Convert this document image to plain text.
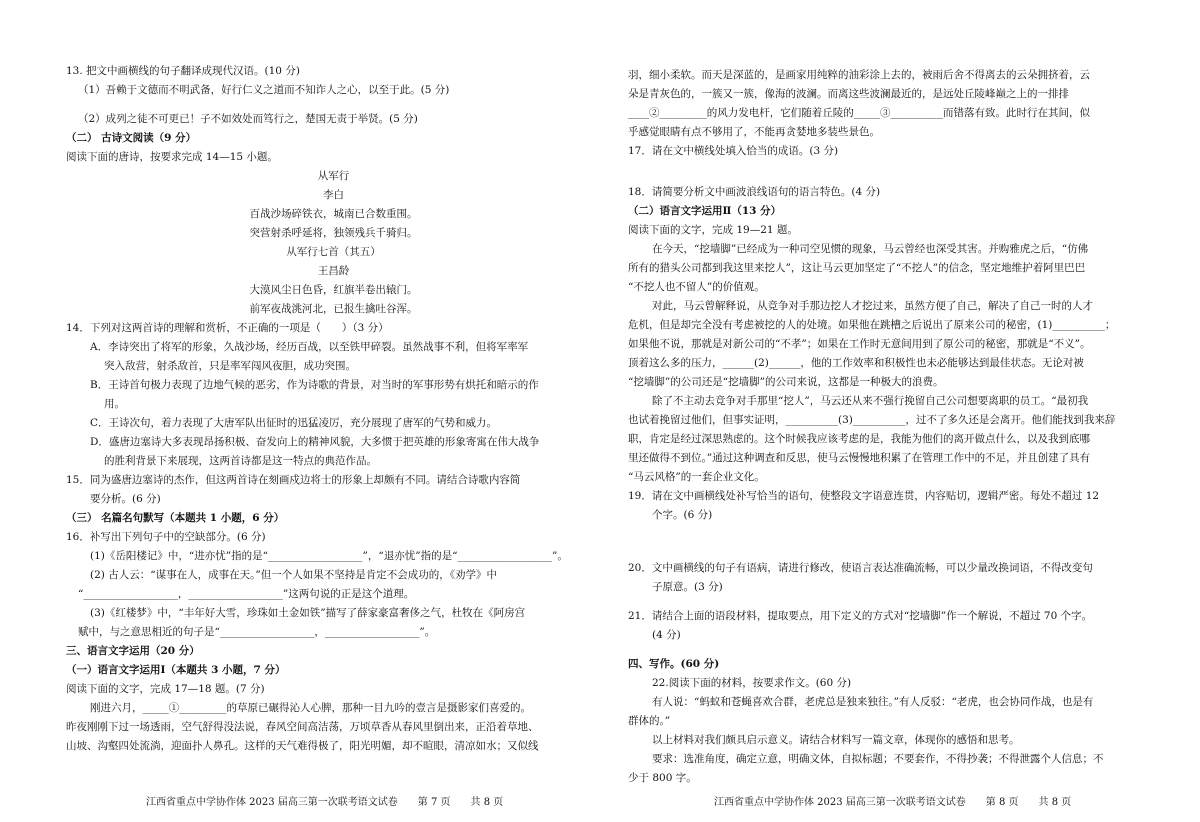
13. 把文中画横线的句子翻译成现代汉语。(10 分)
（1）吾赖于文德而不明武备，好行仁义之道而不知诈人之心，以至于此。(5 分)
（2）成列之徒不可更已！子不如效处而笃行之，楚国无责于举贤。(5 分)
（二） 古诗文阅读（9 分）
阅读下面的唐诗，按要求完成 14—15 小题。
从军行
李白
百战沙场碎铁衣，城南已合数重围。
突营射杀呼延将，独领残兵千骑归。
从军行七首（其五）
王昌龄
大漠风尘日色昏，红旗半卷出辕门。
前军夜战洮河北，已报生擒吐谷浑。
14．下列对这两首诗的理解和赏析，不正确的一项是（　　）（3 分）
A．李诗突出了将军的形象，久战沙场，经历百战，以至铁甲碎裂。虽然战事不利，但将军率军
突入敌营，射杀敌首，只是率军闯风夜胆，成功突围。
B．王诗首句极力表现了边地气候的恶劣，作为诗歌的背景，对当时的军事形势有烘托和暗示的作
用。
C．王诗次句，着力表现了大唐军队出征时的迅猛凌厉，充分展现了唐军的气势和威力。
D．盛唐边塞诗大多表现昂扬积极、奋发向上的精神风貌，大多惯于把英雄的形象寄寓在伟大战争
的胜利背景下来展现，这两首诗都是这一特点的典范作品。
15．同为盛唐边塞诗的杰作，但这两首诗在刻画戍边将士的形象上却颇有不同。请结合诗歌内容简
要分析。(6 分)
（三） 名篇名句默写（本题共 1 小题，6 分）
16．补写出下列句子中的空缺部分。(6 分)
(1)《岳阳楼记》中，“进亦忧”指的是“__________________”，“退亦忧”指的是“__________________”。
(2) 古人云：“谋事在人，成事在天。”但一个人如果不坚持是肯定不会成功的，《劝学》中
“__________________，__________________”这两句说的正是这个道理。
(3)《红楼梦》中，“丰年好大雪，珍珠如土金如铁”描写了薛家豪富奢侈之气，杜牧在《阿房宫
赋中，与之意思相近的句子是“__________________，__________________”。
三、语言文字运用（20 分）
（一）语言文字运用Ⅰ（本题共 3 小题，7 分）
阅读下面的文字，完成 17—18 题。(7 分)
刚进六月，_____①_________的草原已碾得沁人心脾，那种一目九吟的壹言是摄影家们喜爱的。
昨夜刚刚下过一场透雨，空气舒得没法说，春风空间高洁荡，万顷草香从春风里倒出来，正沿着草地、
山坡、沟壑四处流淌，迎面扑人鼻孔。这样的天气难得极了，阳光明媚，却不暄眼，清凉如水；又似线
羽，细小柔软。而天是深蓝的，是画家用纯粹的油彩涂上去的，被雨后舍不得离去的云朵拥挤着，云
朵是青灰色的，一簇又一簇，像海的波澜。而离这些波澜最近的，是远处丘陵峰巅之上的一排排
____②_________的风力发电杆，它们随着丘陵的_____③__________而错落有致。此时行在其间，似
乎感觉眼睛有点不够用了，不能再贪婪地多装些景色。
17．请在文中横线处填入恰当的成语。(3 分)
18．请简要分析文中画波浪线语句的语言特色。(4 分)
（二）语言文字运用Ⅱ（13 分）
阅读下面的文字，完成 19—21 题。
在今天，“挖墙脚”已经成为一种司空见惯的现象，马云曾经也深受其害。并购雅虎之后，“仿佛
所有的猎头公司都到我这里来挖人”，这让马云更加坚定了“不挖人”的信念，坚定地维护着阿里巴巴
“不挖人也不留人”的价值观。
对此，马云曾解释说，从竞争对手那边挖人才挖过来，虽然方便了自己，解决了自己一时的人才
危机，但是却完全没有考虑被挖的人的处境。如果他在跳槽之后说出了原来公司的秘密，(1)__________；
如果他不说，那就是对新公司的“不孝”；如果在工作时无意间用到了原公司的秘密，那就是“不义”。
顶着这么多的压力，______(2)______，他的工作效率和积极性也未必能够达到最佳状态。无论对被
“挖墙脚”的公司还是“挖墙脚”的公司来说，这都是一种极大的浪费。
除了不主动去竞争对手那里“挖人”，马云还从来不强行挽留自己公司想要离职的员工。“最初我
也试着挽留过他们，但事实证明，__________(3)__________，过不了多久还是会离开。他们能找到我来辞
职，肯定是经过深思熟虑的。这个时候我应该考虑的是，我能为他们的离开做点什么，以及我到底哪
里还做得不到位。”通过这种调查和反思，使马云慢慢地积累了在管理工作中的不足，并且创建了具有
“马云风格”的一套企业文化。
19．请在文中画横线处补写恰当的语句，使整段文字语意连贯，内容贴切，逻辑严密。每处不超过 12
个字。(6 分)
20．文中画横线的句子有语病，请进行修改，使语言表达准确流畅，可以少量改换词语，不得改变句
子原意。(3 分)
21．请结合上面的语段材料，提取要点，用下定义的方式对“挖墙脚”作一个解说，不超过 70 个字。
(4 分)
四、写作。(60 分)
22.阅读下面的材料，按要求作文。(60 分)
有人说：“蚂蚁和苍蝇喜欢合群，老虎总是独来独往。”有人反驳：“老虎，也会协同作战，也是有
群体的。”
以上材料对我们颇具启示意义。请结合材料写一篇文章，体现你的感悟和思考。
要求：选准角度，确定立意，明确文体，自拟标题；不要套作，不得抄袭；不得泄露个人信息；不
少于 800 字。
江西省重点中学协作体 2023 届高三第一次联考语文试卷　　第 7 页　　共 8 页	江西省重点中学协作体 2023 届高三第一次联考语文试卷　　第 8 页　　共 8 页
